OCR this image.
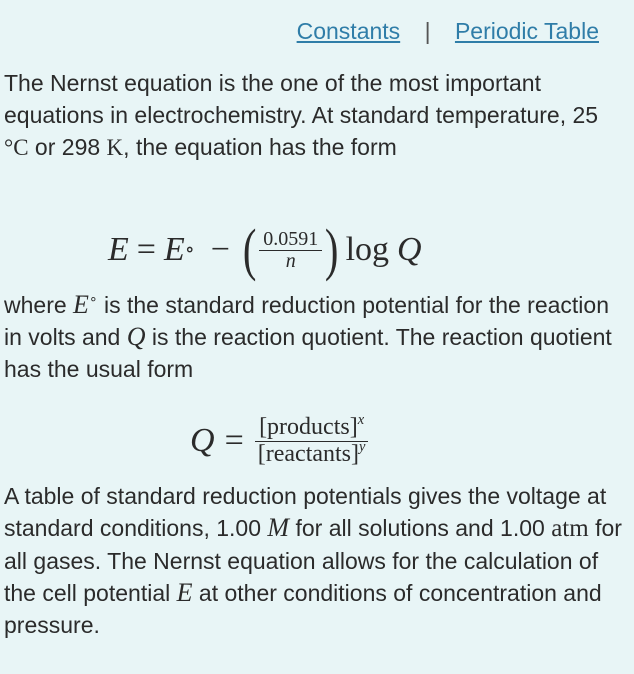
Constants | Periodic Table
The Nernst equation is the one of the most important equations in electrochemistry. At standard temperature, 25 °C or 298 K, the equation has the form
E = E ∘ − ( $\frac{0.0591}{n}$ ) log Q
where E∘ is the standard reduction potential for the reaction in volts and Q is the reaction quotient. The reaction quotient has the usual form
$Q = \frac{[products]^x}{[reactants]^y}$
A table of standard reduction potentials gives the voltage at standard conditions, 1.00 M for all solutions and 1.00 atm for all gases. The Nernst equation allows for the calculation of the cell potential E at other conditions of concentration and pressure.
